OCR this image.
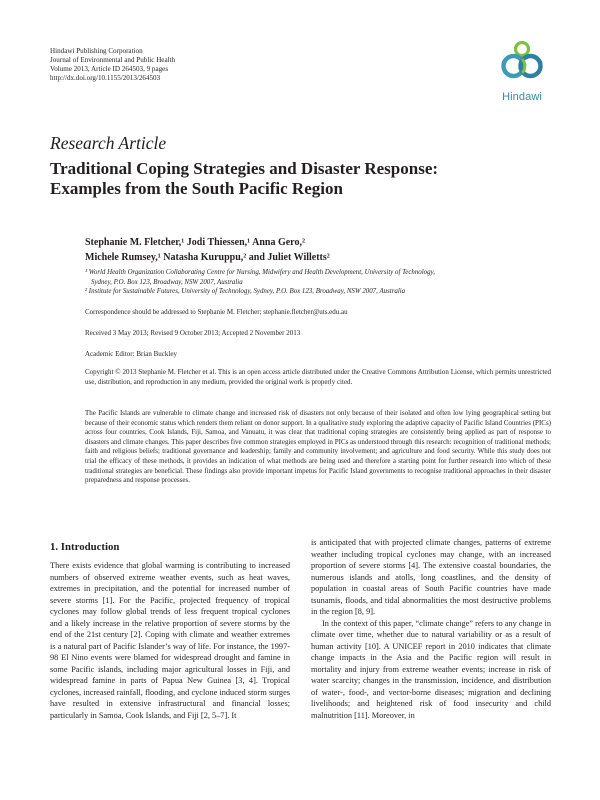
Hindawi Publishing Corporation
Journal of Environmental and Public Health
Volume 2013, Article ID 264503, 9 pages
http://dx.doi.org/10.1155/2013/264503
Hindawi
Research Article
Traditional Coping Strategies and Disaster Response:
Examples from the South Pacific Region
Stephanie M. Fletcher,¹ Jodi Thiessen,¹ Anna Gero,²
Michele Rumsey,¹ Natasha Kuruppu,² and Juliet Willetts²
¹ World Health Organization Collaborating Centre for Nursing, Midwifery and Health Development, University of Technology,
Sydney, P.O. Box 123, Broadway, NSW 2007, Australia
² Institute for Sustainable Futures, University of Technology, Sydney, P.O. Box 123, Broadway, NSW 2007, Australia
Correspondence should be addressed to Stephanie M. Fletcher; stephanie.fletcher@uts.edu.au
Received 3 May 2013; Revised 9 October 2013; Accepted 2 November 2013
Academic Editor: Brian Buckley
Copyright © 2013 Stephanie M. Fletcher et al. This is an open access article distributed under the Creative Commons Attribution License, which permits unrestricted use, distribution, and reproduction in any medium, provided the original work is properly cited.
The Pacific Islands are vulnerable to climate change and increased risk of disasters not only because of their isolated and often low lying geographical setting but because of their economic status which renders them reliant on donor support. In a qualitative study exploring the adaptive capacity of Pacific Island Countries (PICs) across four countries, Cook Islands, Fiji, Samoa, and Vanuatu, it was clear that traditional coping strategies are consistently being applied as part of response to disasters and climate changes. This paper describes five common strategies employed in PICs as understood through this research: recognition of traditional methods; faith and religious beliefs; traditional governance and leadership; family and community involvement; and agriculture and food security. While this study does not trial the efficacy of these methods, it provides an indication of what methods are being used and therefore a starting point for further research into which of these traditional strategies are beneficial. These findings also provide important impetus for Pacific Island governments to recognise traditional approaches in their disaster preparedness and response processes.
1. Introduction

There exists evidence that global warming is contributing to increased numbers of observed extreme weather events, such as heat waves, extremes in precipitation, and the potential for increased number of severe storms [1]. For the Pacific, projected frequency of tropical cyclones may follow global trends of less frequent tropical cyclones and a likely increase in the relative proportion of severe storms by the end of the 21st century [2]. Coping with climate and weather extremes is a natural part of Pacific Islander’s way of life. For instance, the 1997-98 El Nino events were blamed for widespread drought and famine in some Pacific islands, including major agricultural losses in Fiji, and widespread famine in parts of Papua New Guinea [3, 4]. Tropical cyclones, increased rainfall, flooding, and cyclone induced storm surges have resulted in extensive infrastructural and financial losses; particularly in Samoa, Cook Islands, and Fiji [2, 5–7]. It

is anticipated that with projected climate changes, patterns of extreme weather including tropical cyclones may change, with an increased proportion of severe storms [4]. The extensive coastal boundaries, the numerous islands and atolls, long coastlines, and the density of population in coastal areas of South Pacific countries have made tsunamis, floods, and tidal abnormalities the most destructive problems in the region [8, 9].

In the context of this paper, “climate change” refers to any change in climate over time, whether due to natural variability or as a result of human activity [10]. A UNICEF report in 2010 indicates that climate change impacts in the Asia and the Pacific region will result in mortality and injury from extreme weather events; increase in risk of water scarcity; changes in the transmission, incidence, and distribution of water-, food-, and vector-borne diseases; migration and declining livelihoods; and heightened risk of food insecurity and child malnutrition [11]. Moreover, in
